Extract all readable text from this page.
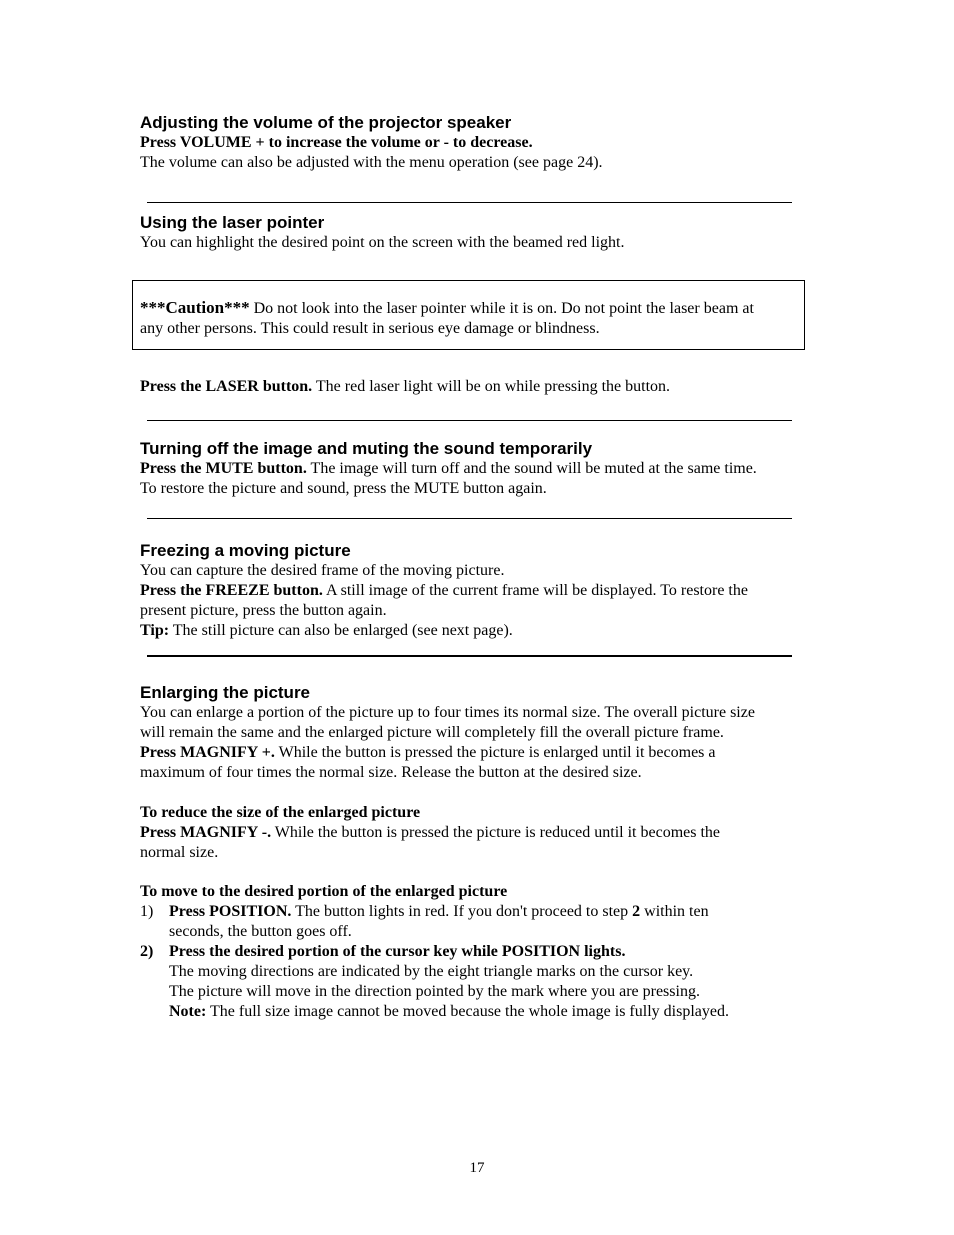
Adjusting the volume of the projector speaker
Press VOLUME + to increase the volume or - to decrease.
The volume can also be adjusted with the menu operation (see page 24).
Using the laser pointer
You can highlight the desired point on the screen with the beamed red light.
***Caution*** Do not look into the laser pointer while it is on. Do not point the laser beam at
any other persons. This could result in serious eye damage or blindness.
Press the LASER button. The red laser light will be on while pressing the button.
Turning off the image and muting the sound temporarily
Press the MUTE button. The image will turn off and the sound will be muted at the same time.
To restore the picture and sound, press the MUTE button again.
Freezing a moving picture
You can capture the desired frame of the moving picture.
Press the FREEZE button. A still image of the current frame will be displayed. To restore the
present picture, press the button again.
Tip: The still picture can also be enlarged (see next page).
Enlarging the picture
You can enlarge a portion of the picture up to four times its normal size. The overall picture size
will remain the same and the enlarged picture will completely fill the overall picture frame.
Press MAGNIFY +. While the button is pressed the picture is enlarged until it becomes a
maximum of four times the normal size. Release the button at the desired size.
To reduce the size of the enlarged picture
Press MAGNIFY -. While the button is pressed the picture is reduced until it becomes the
normal size.
To move to the desired portion of the enlarged picture
1) Press POSITION. The button lights in red. If you don't proceed to step 2 within ten
seconds, the button goes off.
2) Press the desired portion of the cursor key while POSITION lights.
The moving directions are indicated by the eight triangle marks on the cursor key.
The picture will move in the direction pointed by the mark where you are pressing.
Note: The full size image cannot be moved because the whole image is fully displayed.
17
